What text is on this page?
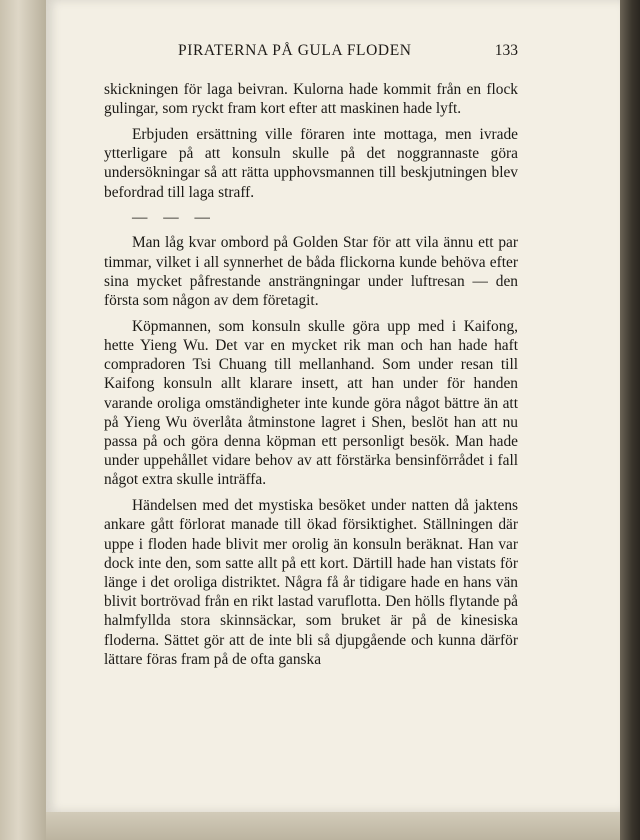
PIRATERNA PÅ GULA FLODEN	133

skickningen för laga beivran. Kulorna hade kommit från en flock gulingar, som ryckt fram kort efter att maskinen hade lyft.

Erbjuden ersättning ville föraren inte mottaga, men ivrade ytterligare på att konsuln skulle på det noggrannaste göra undersökningar så att rätta upphovsmannen till beskjutningen blev befordrad till laga straff.

— — —

Man låg kvar ombord på Golden Star för att vila ännu ett par timmar, vilket i all synnerhet de båda flickorna kunde behöva efter sina mycket påfrestande ansträngningar under luftresan — den första som någon av dem företagit.

Köpmannen, som konsuln skulle göra upp med i Kaifong, hette Yieng Wu. Det var en mycket rik man och han hade haft compradoren Tsi Chuang till mellanhand. Som under resan till Kaifong konsuln allt klarare insett, att han under för handen varande oroliga omständigheter inte kunde göra något bättre än att på Yieng Wu överlåta åtminstone lagret i Shen, beslöt han att nu passa på och göra denna köpman ett personligt besök. Man hade under uppehållet vidare behov av att förstärka bensinförrådet i fall något extra skulle inträffa.

Händelsen med det mystiska besöket under natten då jaktens ankare gått förlorat manade till ökad försiktighet. Ställningen där uppe i floden hade blivit mer orolig än konsuln beräknat. Han var dock inte den, som satte allt på ett kort. Därtill hade han vistats för länge i det oroliga distriktet. Några få år tidigare hade en hans vän blivit bortrövad från en rikt lastad varuflotta. Den hölls flytande på halmfyllda stora skinnsäckar, som bruket är på de kinesiska floderna. Sättet gör att de inte bli så djupgående och kunna därför lättare föras fram på de ofta ganska
